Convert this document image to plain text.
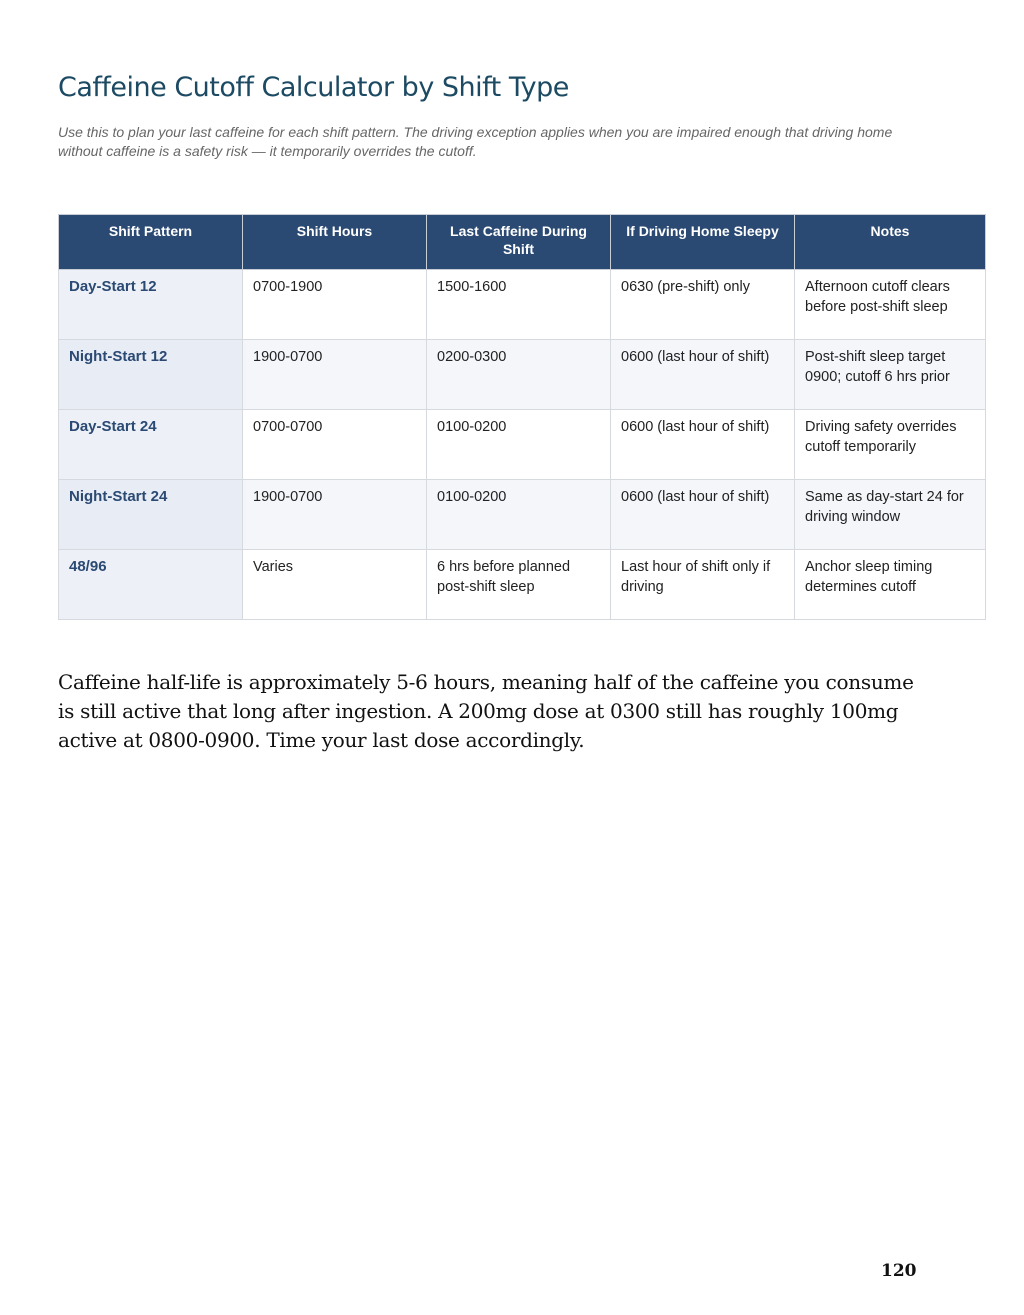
Caffeine Cutoff Calculator by Shift Type

Use this to plan your last caffeine for each shift pattern. The driving exception applies when you are impaired enough that driving home without caffeine is a safety risk — it temporarily overrides the cutoff.

Shift Pattern	Shift Hours	Last Caffeine During Shift	If Driving Home Sleepy	Notes
Day-Start 12	0700-1900	1500-1600	0630 (pre-shift) only	Afternoon cutoff clears before post-shift sleep
Night-Start 12	1900-0700	0200-0300	0600 (last hour of shift)	Post-shift sleep target 0900; cutoff 6 hrs prior
Day-Start 24	0700-0700	0100-0200	0600 (last hour of shift)	Driving safety overrides cutoff temporarily
Night-Start 24	1900-0700	0100-0200	0600 (last hour of shift)	Same as day-start 24 for driving window
48/96	Varies	6 hrs before planned post-shift sleep	Last hour of shift only if driving	Anchor sleep timing determines cutoff

Caffeine half-life is approximately 5-6 hours, meaning half of the caffeine you consume is still active that long after ingestion. A 200mg dose at 0300 still has roughly 100mg active at 0800-0900. Time your last dose accordingly.

120
